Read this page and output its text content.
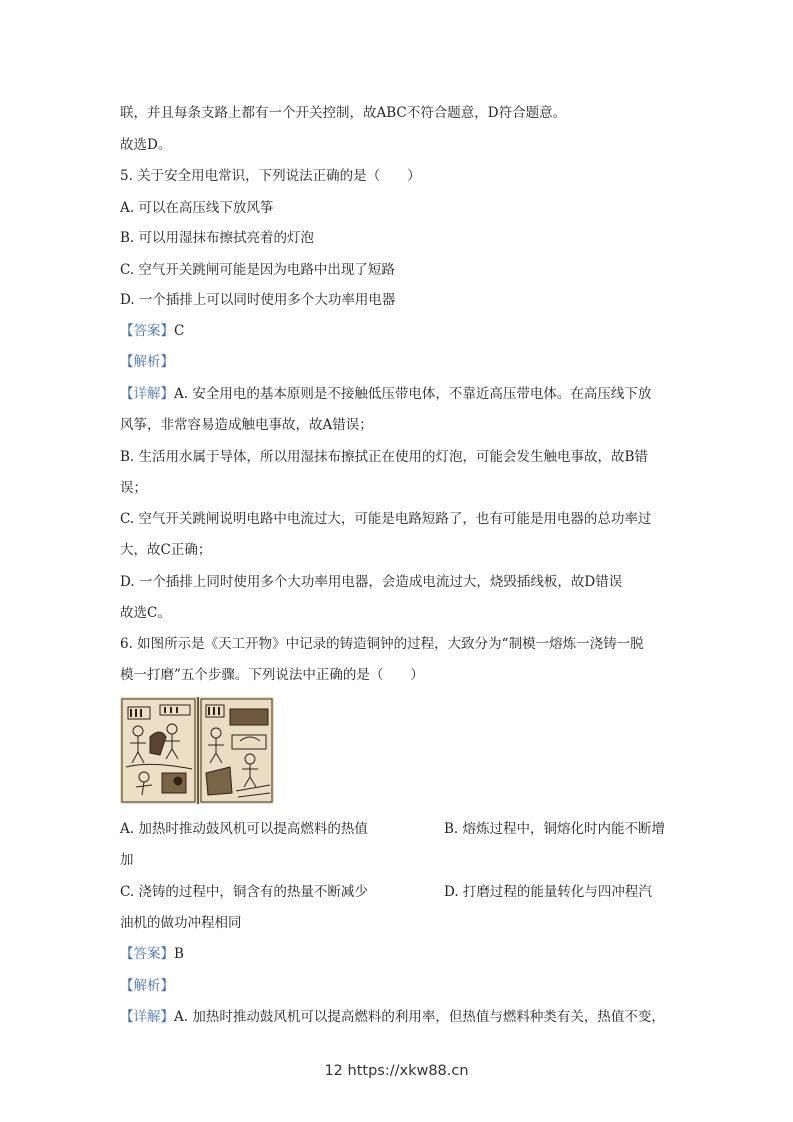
联，并且每条支路上都有一个开关控制，故ABC不符合题意，D符合题意。
故选D。
5. 关于安全用电常识，下列说法正确的是（　　）
A. 可以在高压线下放风筝
B. 可以用湿抹布擦拭亮着的灯泡
C. 空气开关跳闸可能是因为电路中出现了短路
D. 一个插排上可以同时使用多个大功率用电器
【答案】C
【解析】
【详解】A. 安全用电的基本原则是不接触低压带电体，不靠近高压带电体。在高压线下放
风筝，非常容易造成触电事故，故A错误；
B. 生活用水属于导体，所以用湿抹布擦拭正在使用的灯泡，可能会发生触电事故，故B错
误；
C. 空气开关跳闸说明电路中电流过大，可能是电路短路了，也有可能是用电器的总功率过
大，故C正确；
D. 一个插排上同时使用多个大功率用电器，会造成电流过大，烧毁插线板，故D错误
故选C。
6. 如图所示是《天工开物》中记录的铸造铜钟的过程，大致分为“制模一熔炼一浇铸一脱
模一打磨”五个步骤。下列说法中正确的是（　　）
A. 加热时推动鼓风机可以提高燃料的热值	B. 熔炼过程中，铜熔化时内能不断增
加
C. 浇铸的过程中，铜含有的热量不断减少	D. 打磨过程的能量转化与四冲程汽
油机的做功冲程相同
【答案】B
【解析】
【详解】A. 加热时推动鼓风机可以提高燃料的利用率，但热值与燃料种类有关，热值不变，
12 https://xkw88.cn
